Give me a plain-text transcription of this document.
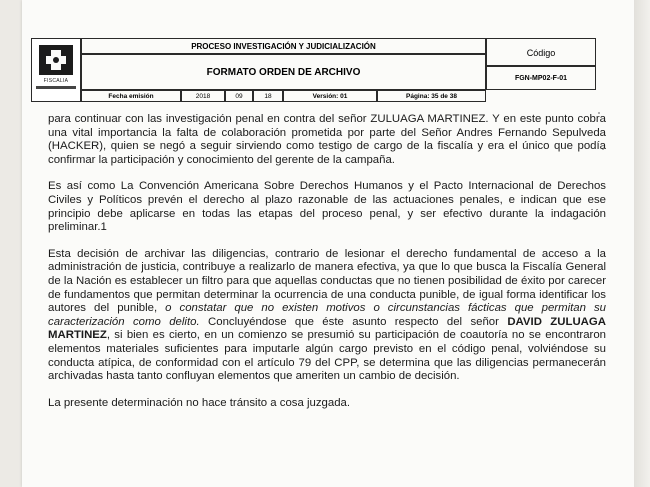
FISCALIA
PROCESO INVESTIGACIÓN Y JUDICIALIZACIÓN
FORMATO ORDEN DE ARCHIVO
Código
FGN-MP02-F-01
Fecha emisión	2018	09	18	Versión: 01	Página: 35 de 38

para continuar con las investigación penal en contra del señor ZULUAGA MARTINEZ. Y en este punto cobra una vital importancia la falta de colaboración prometida por parte del Señor Andres Fernando Sepulveda (HACKER), quien se negó a seguir sirviendo como testigo de cargo de la fiscalía y era el único que podía confirmar la participación y conocimiento del gerente de la campaña.

Es así como La Convención Americana Sobre Derechos Humanos y el Pacto Internacional de Derechos Civiles y Políticos prevén el derecho al plazo razonable de las actuaciones penales, e indican que ese principio debe aplicarse en todas las etapas del proceso penal, y ser efectivo durante la indagación preliminar.1

Esta decisión de archivar las diligencias, contrario de lesionar el derecho fundamental de acceso a la administración de justicia, contribuye a realizarlo de manera efectiva, ya que lo que busca la Fiscalía General de la Nación es establecer un filtro para que aquellas conductas que no tienen posibilidad de éxito por carecer de fundamentos que permitan determinar la ocurrencia de una conducta punible, de igual forma identificar los autores del punible, o constatar que no existen motivos o circunstancias fácticas que permitan su caracterización como delito. Concluyéndose que éste asunto respecto del señor DAVID ZULUAGA MARTINEZ, si bien es cierto, en un comienzo se presumió su participación de coautoría no se encontraron elementos materiales suficientes para imputarle algún cargo previsto en el código penal, volviéndose su conducta atípica, de conformidad con el artículo 79 del CPP, se determina que las diligencias permanecerán archivadas hasta tanto confluyan elementos que ameriten un cambio de decisión.

La presente determinación no hace tránsito a cosa juzgada.
